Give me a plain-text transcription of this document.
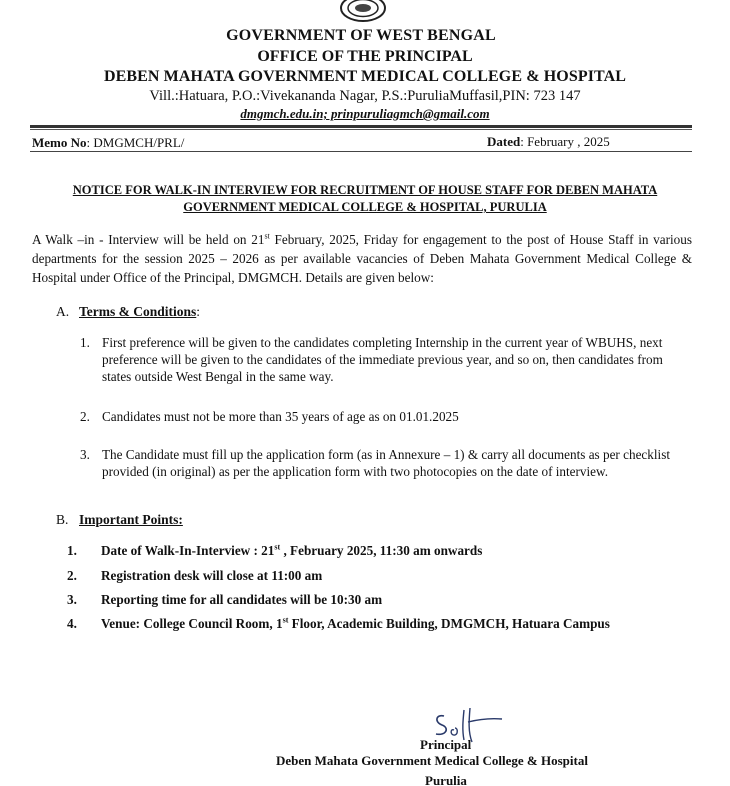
GOVERNMENT OF WEST BENGAL
OFFICE OF THE PRINCIPAL
DEBEN MAHATA GOVERNMENT MEDICAL COLLEGE & HOSPITAL
Vill.:Hatuara, P.O.:Vivekananda Nagar, P.S.:PuruliaMuffasil,PIN: 723 147
dmgmch.edu.in; prinpuruliagmch@gmail.com
Memo No: DMGMCH/PRL/	Dated: February , 2025
NOTICE FOR WALK-IN INTERVIEW FOR RECRUITMENT OF HOUSE STAFF FOR DEBEN MAHATA
GOVERNMENT MEDICAL COLLEGE & HOSPITAL, PURULIA

A Walk –in - Interview will be held on 21st February, 2025, Friday for engagement to the post of House Staff in various departments for the session 2025 – 2026 as per available vacancies of Deben Mahata Government Medical College & Hospital under Office of the Principal, DMGMCH. Details are given below:

A. Terms & Conditions:
1. First preference will be given to the candidates completing Internship in the current year of WBUHS, next preference will be given to the candidates of the immediate previous year, and so on, then candidates from states outside West Bengal in the same way.
2. Candidates must not be more than 35 years of age as on 01.01.2025
3. The Candidate must fill up the application form (as in Annexure – 1) & carry all documents as per checklist provided (in original) as per the application form with two photocopies on the date of interview.
B. Important Points:
1. Date of Walk-In-Interview : 21st , February 2025, 11:30 am onwards
2. Registration desk will close at 11:00 am
3. Reporting time for all candidates will be 10:30 am
4. Venue: College Council Room, 1st Floor, Academic Building, DMGMCH, Hatuara Campus
Principal
Deben Mahata Government Medical College & Hospital
Purulia
